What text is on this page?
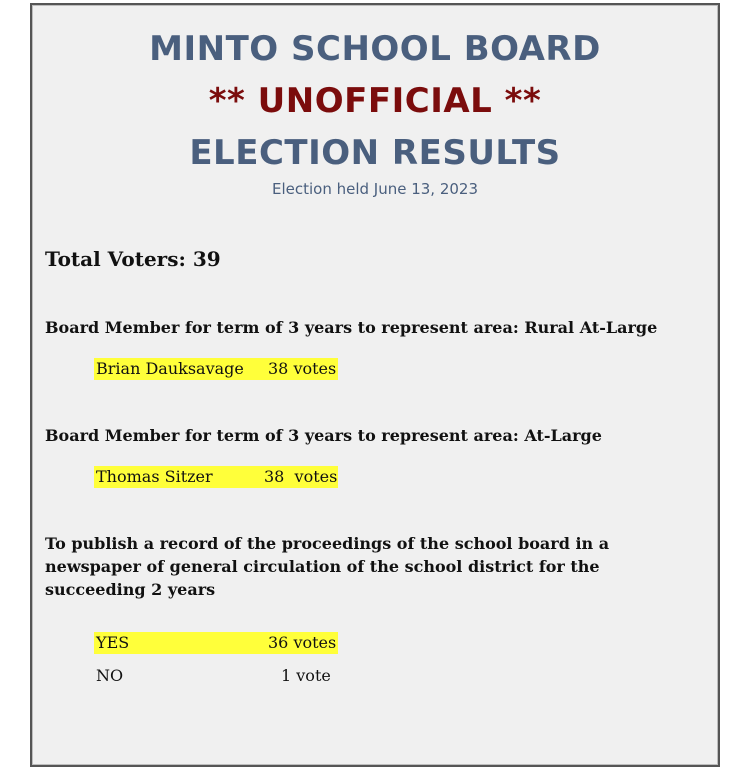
MINTO SCHOOL BOARD
** UNOFFICIAL **
ELECTION RESULTS
Election held June 13, 2023
Total Voters: 39
Board Member for term of 3 years to represent area: Rural At-Large
Brian Dauksavage 38 votes
Board Member for term of 3 years to represent area: At-Large
Thomas Sitzer	38  votes
To publish a record of the proceedings of the school board in a newspaper of general circulation of the school district for the succeeding 2 years
YES	36 votes
NO	1 vote
